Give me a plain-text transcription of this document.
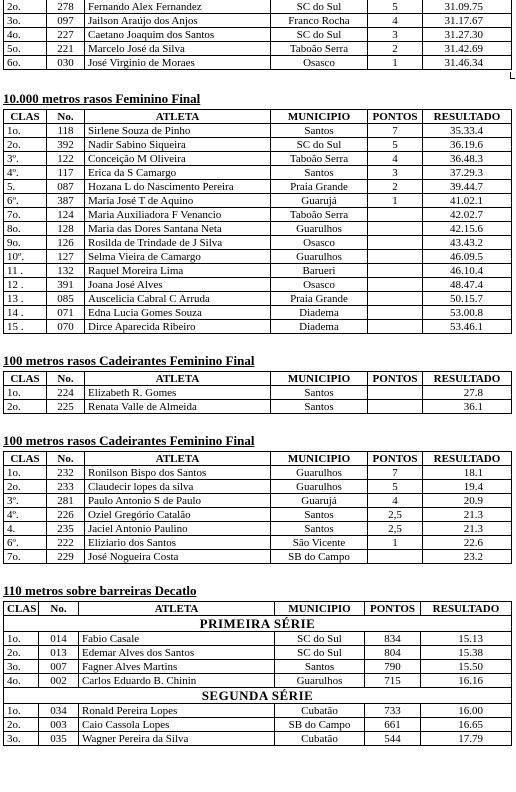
2o.	278	Fernando Alex Fernandez	SC do Sul	5	31.09.75
3o.	097	Jailson Araújo dos Anjos	Franco Rocha	4	31.17.67
4o.	227	Caetano Joaquim dos Santos	SC do Sul	3	31.27.30
5o.	221	Marcelo José da Silva	Taboão Serra	2	31.42.69
6o.	030	José Virginio de Moraes	Osasco	1	31.46.34

10.000 metros rasos Feminino Final

CLAS	No.	ATLETA	MUNICIPIO	PONTOS	RESULTADO
1o.	118	Sirlene Souza de Pinho	Santos	7	35.33.4
2o.	392	Nadir Sabino Siqueira	SC do Sul	5	36.19.6
3º.	122	Conceição M Oliveira	Taboão Serra	4	36.48.3
4º.	117	Erica da S Camargo	Santos	3	37.29.3
5.	087	Hozana L do Nascimento Pereira	Praia Grande	2	39.44.7
6º.	387	Maria José T de Aquino	Guarujá	1	41.02.1
7o.	124	Maria Auxiliadora F Venancio	Taboão Serra		42.02.7
8o.	128	Maria das Dores Santana Neta	Guarulhos		42.15.6
9o.	126	Rosilda de Trindade de J Silva	Osasco		43.43.2
10º.	127	Selma Vieira de Camargo	Guarulhos		46.09.5
11 .	132	Raquel Moreira Lima	Barueri		46.10.4
12 .	391	Joana José Alves	Osasco		48.47.4
13 .	085	Auscelicia Cabral C Arruda	Praia Grande		50.15.7
14 .	071	Edna Lucia Gomes Souza	Diadema		53.00.8
15 .	070	Dirce Aparecida Ribeiro	Diadema		53.46.1

100 metros rasos Cadeirantes Feminino Final

CLAS	No.	ATLETA	MUNICIPIO	PONTOS	RESULTADO
1o.	224	Elizabeth R. Gomes	Santos		27.8
2o.	225	Renata Valle de Almeida	Santos		36.1

100 metros rasos Cadeirantes Feminino Final

CLAS	No.	ATLETA	MUNICIPIO	PONTOS	RESULTADO
1o.	232	Ronilson Bispo dos Santos	Guarulhos	7	18.1
2o.	233	Claudecir lopes da silva	Guarulhos	5	19.4
3º.	281	Paulo Antonio S de Paulo	Guarujá	4	20.9
4º.	226	Oziel Gregório Catalão	Santos	2,5	21.3
4.	235	Jaciel Antonio Paulino	Santos	2,5	21.3
6º.	222	Eliziario dos Santos	São Vicente	1	22.6
7o.	229	José Nogueira Costa	SB do Campo		23.2

110 metros sobre barreiras Decatlo

CLAS	No.	ATLETA	MUNICIPIO	PONTOS	RESULTADO
PRIMEIRA SÉRIE					
1o.	014	Fabio Casale	SC do Sul	834	15.13
2o.	013	Edemar Alves dos Santos	SC do Sul	804	15.38
3o.	007	Fagner Alves Martins	Santos	790	15.50
4o.	002	Carlos Eduardo B. Chinin	Guarulhos	715	16.16
SEGUNDA SÉRIE					
1o.	034	Ronald Pereira Lopes	Cubatão	733	16.00
2o.	003	Caio Cassola Lopes	SB do Campo	661	16.65
3o.	035	Wagner Pereira da Silva	Cubatão	544	17.79
